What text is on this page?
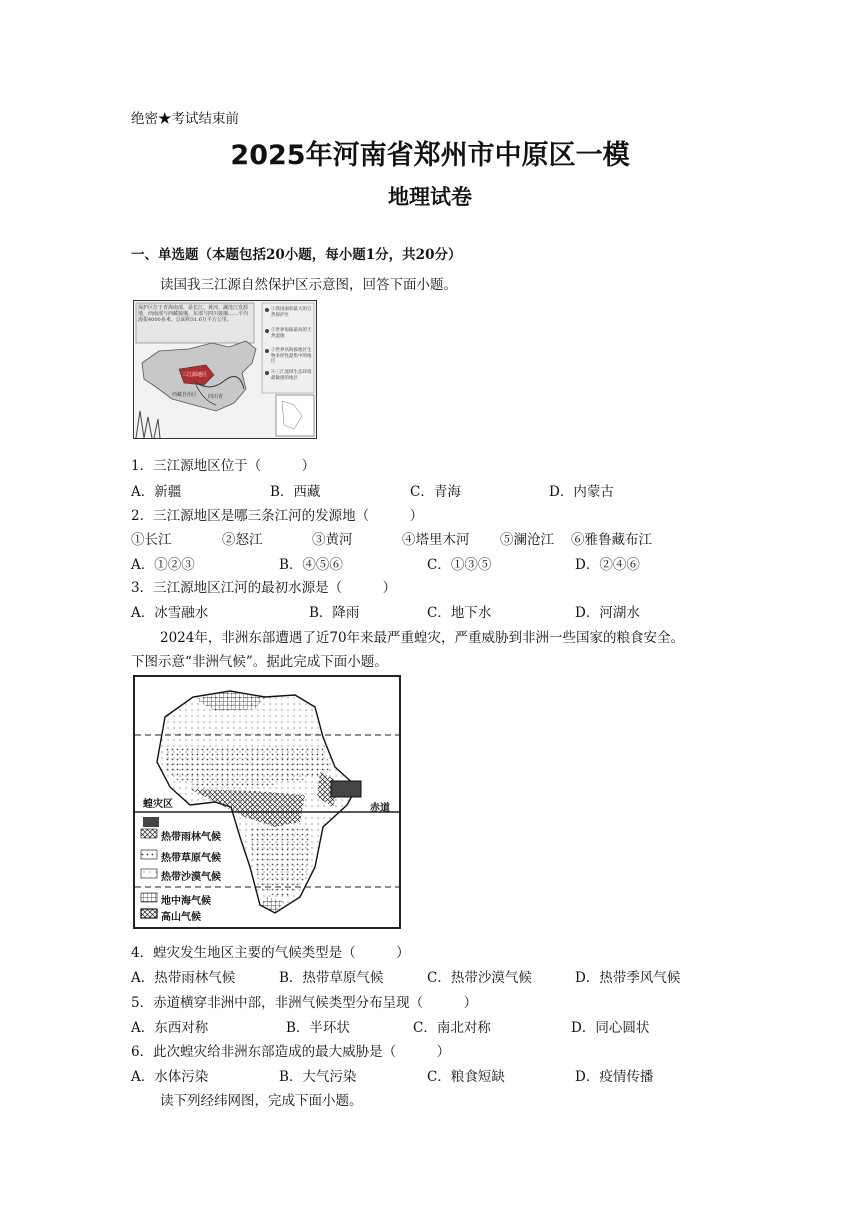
绝密★考试结束前
2025年河南省郑州市中原区一模
地理试卷
一、单选题（本题包括20小题，每小题1分，共20分）
读国我三江源自然保护区示意图，回答下面小题。
保护区位于青海南部，是长江、黄河、澜沧江发源地，西南部与西藏接壤，东部与四川接壤……平均海拔4000多米，总面积31.6万平方公里。
三江源地区
西藏自治区 四川省
①我国面积最大的自然保护区
②世界海拔最高的天然湿地
③世界高海拔地区生物多样性最集中的地区
④三江流域生态环境最敏感的地区
1．三江源地区位于（　　　）
A．新疆	B．西藏	C．青海	D．内蒙古
2．三江源地区是哪三条江河的发源地（　　　）
①长江	②怒江	③黄河	④塔里木河 ⑤澜沧江 ⑥雅鲁藏布江
A．①②③	B．④⑤⑥	C．①③⑤	D．②④⑥
3．三江源地区江河的最初水源是（　　　）
A．冰雪融水	B．降雨	C．地下水	D．河湖水
2024年，非洲东部遭遇了近70年来最严重蝗灾，严重威胁到非洲一些国家的粮食安全。
下图示意“非洲气候”。据此完成下面小题。
蝗灾区	赤道
热带雨林气候
热带草原气候
热带沙漠气候
地中海气候
高山气候
4．蝗灾发生地区主要的气候类型是（　　　）
A．热带雨林气候	B．热带草原气候	C．热带沙漠气候	D．热带季风气候
5．赤道横穿非洲中部，非洲气候类型分布呈现（　　　）
A．东西对称	B．半环状	C．南北对称	D．同心圆状
6．此次蝗灾给非洲东部造成的最大威胁是（　　　）
A．水体污染	B．大气污染	C．粮食短缺	D．疫情传播
读下列经纬网图，完成下面小题。
